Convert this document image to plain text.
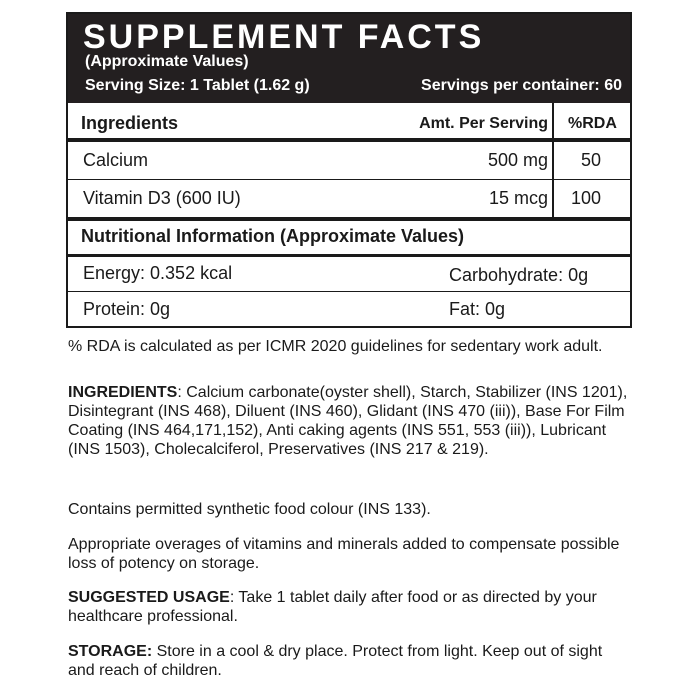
SUPPLEMENT FACTS
(Approximate Values)
Serving Size: 1 Tablet (1.62 g)	Servings per container: 60
Ingredients	Amt. Per Serving %RDA
Calcium	500 mg 50
Vitamin D3 (600 IU)	15 mcg 100
Nutritional Information (Approximate Values)
Energy: 0.352 kcal	Carbohydrate: 0g
Protein: 0g	Fat: 0g
% RDA is calculated as per ICMR 2020 guidelines for sedentary work adult.
INGREDIENTS: Calcium carbonate(oyster shell), Starch, Stabilizer (INS 1201), Disintegrant (INS 468), Diluent (INS 460), Glidant (INS 470 (iii)), Base For Film Coating (INS 464,171,152), Anti caking agents (INS 551, 553 (iii)), Lubricant (INS 1503), Cholecalciferol, Preservatives (INS 217 & 219).
Contains permitted synthetic food colour (INS 133).
Appropriate overages of vitamins and minerals added to compensate possible loss of potency on storage.
SUGGESTED USAGE: Take 1 tablet daily after food or as directed by your healthcare professional.
STORAGE: Store in a cool & dry place. Protect from light. Keep out of sight and reach of children.
